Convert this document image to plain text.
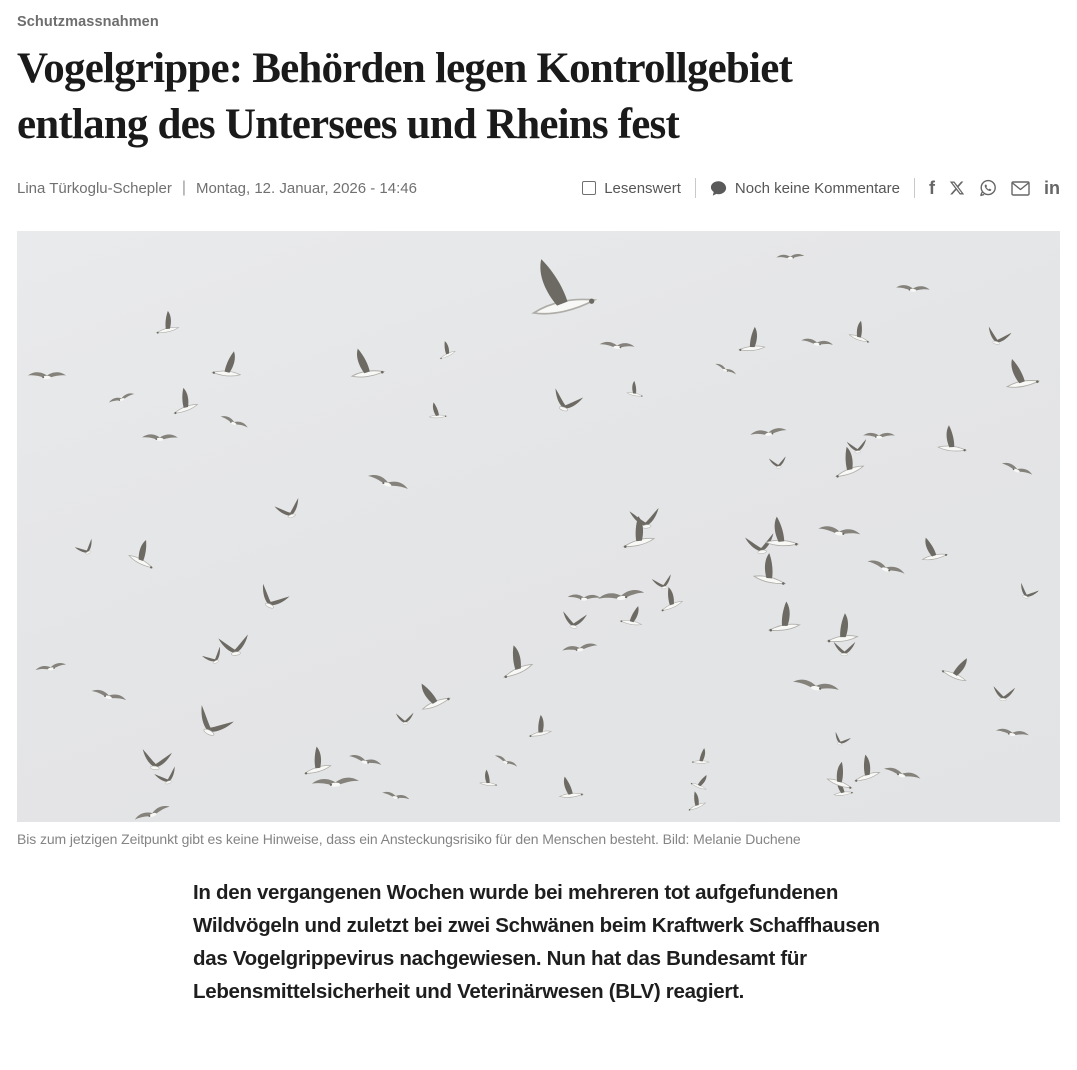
Schutzmassnahmen
Vogelgrippe: Behörden legen Kontrollgebiet
entlang des Untersees und Rheins fest
Lina Türkoglu-Schepler | Montag, 12. Januar, 2026 - 14:46	Lesenswert	Noch keine Kommentare f	in
Bis zum jetzigen Zeitpunkt gibt es keine Hinweise, dass ein Ansteckungsrisiko für den Menschen besteht. Bild: Melanie Duchene

In den vergangenen Wochen wurde bei mehreren tot aufgefundenen Wildvögeln und zuletzt bei zwei Schwänen beim Kraftwerk Schaffhausen das Vogelgrippevirus nachgewiesen. Nun hat das Bundesamt für Lebensmittelsicherheit und Veterinärwesen (BLV) reagiert.
